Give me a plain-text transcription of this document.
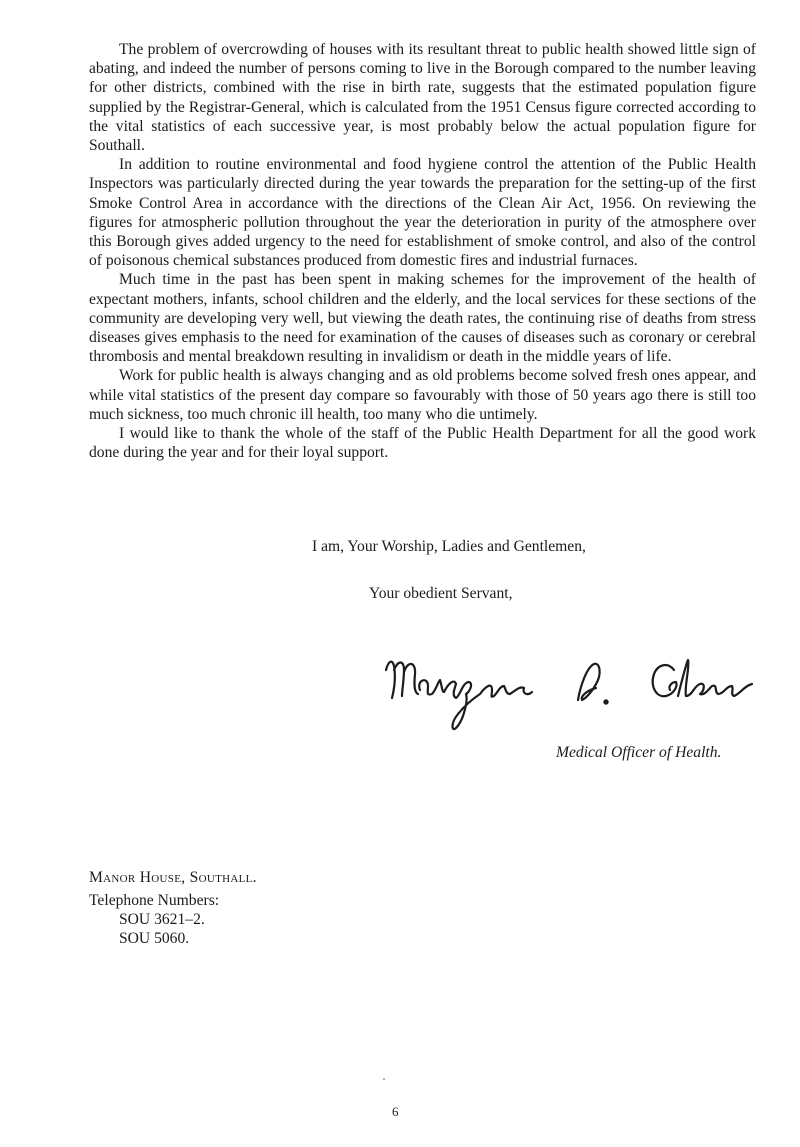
The problem of overcrowding of houses with its resultant threat to public health showed little sign of abating, and indeed the number of persons coming to live in the Borough compared to the number leaving for other districts, combined with the rise in birth rate, suggests that the estimated population figure supplied by the Registrar-General, which is calculated from the 1951 Census figure corrected according to the vital statistics of each successive year, is most probably below the actual population figure for Southall.

In addition to routine environmental and food hygiene control the attention of the Public Health Inspectors was particularly directed during the year towards the preparation for the setting-up of the first Smoke Control Area in accordance with the directions of the Clean Air Act, 1956. On reviewing the figures for atmospheric pollution throughout the year the deterioration in purity of the atmosphere over this Borough gives added urgency to the need for establishment of smoke control, and also of the control of poisonous chemical substances produced from domestic fires and industrial furnaces.

Much time in the past has been spent in making schemes for the improvement of the health of expectant mothers, infants, school children and the elderly, and the local services for these sections of the community are developing very well, but viewing the death rates, the continuing rise of deaths from stress diseases gives emphasis to the need for examination of the causes of diseases such as coronary or cerebral thrombosis and mental breakdown resulting in invalidism or death in the middle years of life.

Work for public health is always changing and as old problems become solved fresh ones appear, and while vital statistics of the present day compare so favourably with those of 50 years ago there is still too much sickness, too much chronic ill health, too many who die untimely.

I would like to thank the whole of the staff of the Public Health Department for all the good work done during the year and for their loyal support.

I am, Your Worship, Ladies and Gentlemen,

Your obedient Servant,

Medical Officer of Health.

Manor House, Southall.

Telephone Numbers:

SOU 3621–2.

SOU 5060.

6
